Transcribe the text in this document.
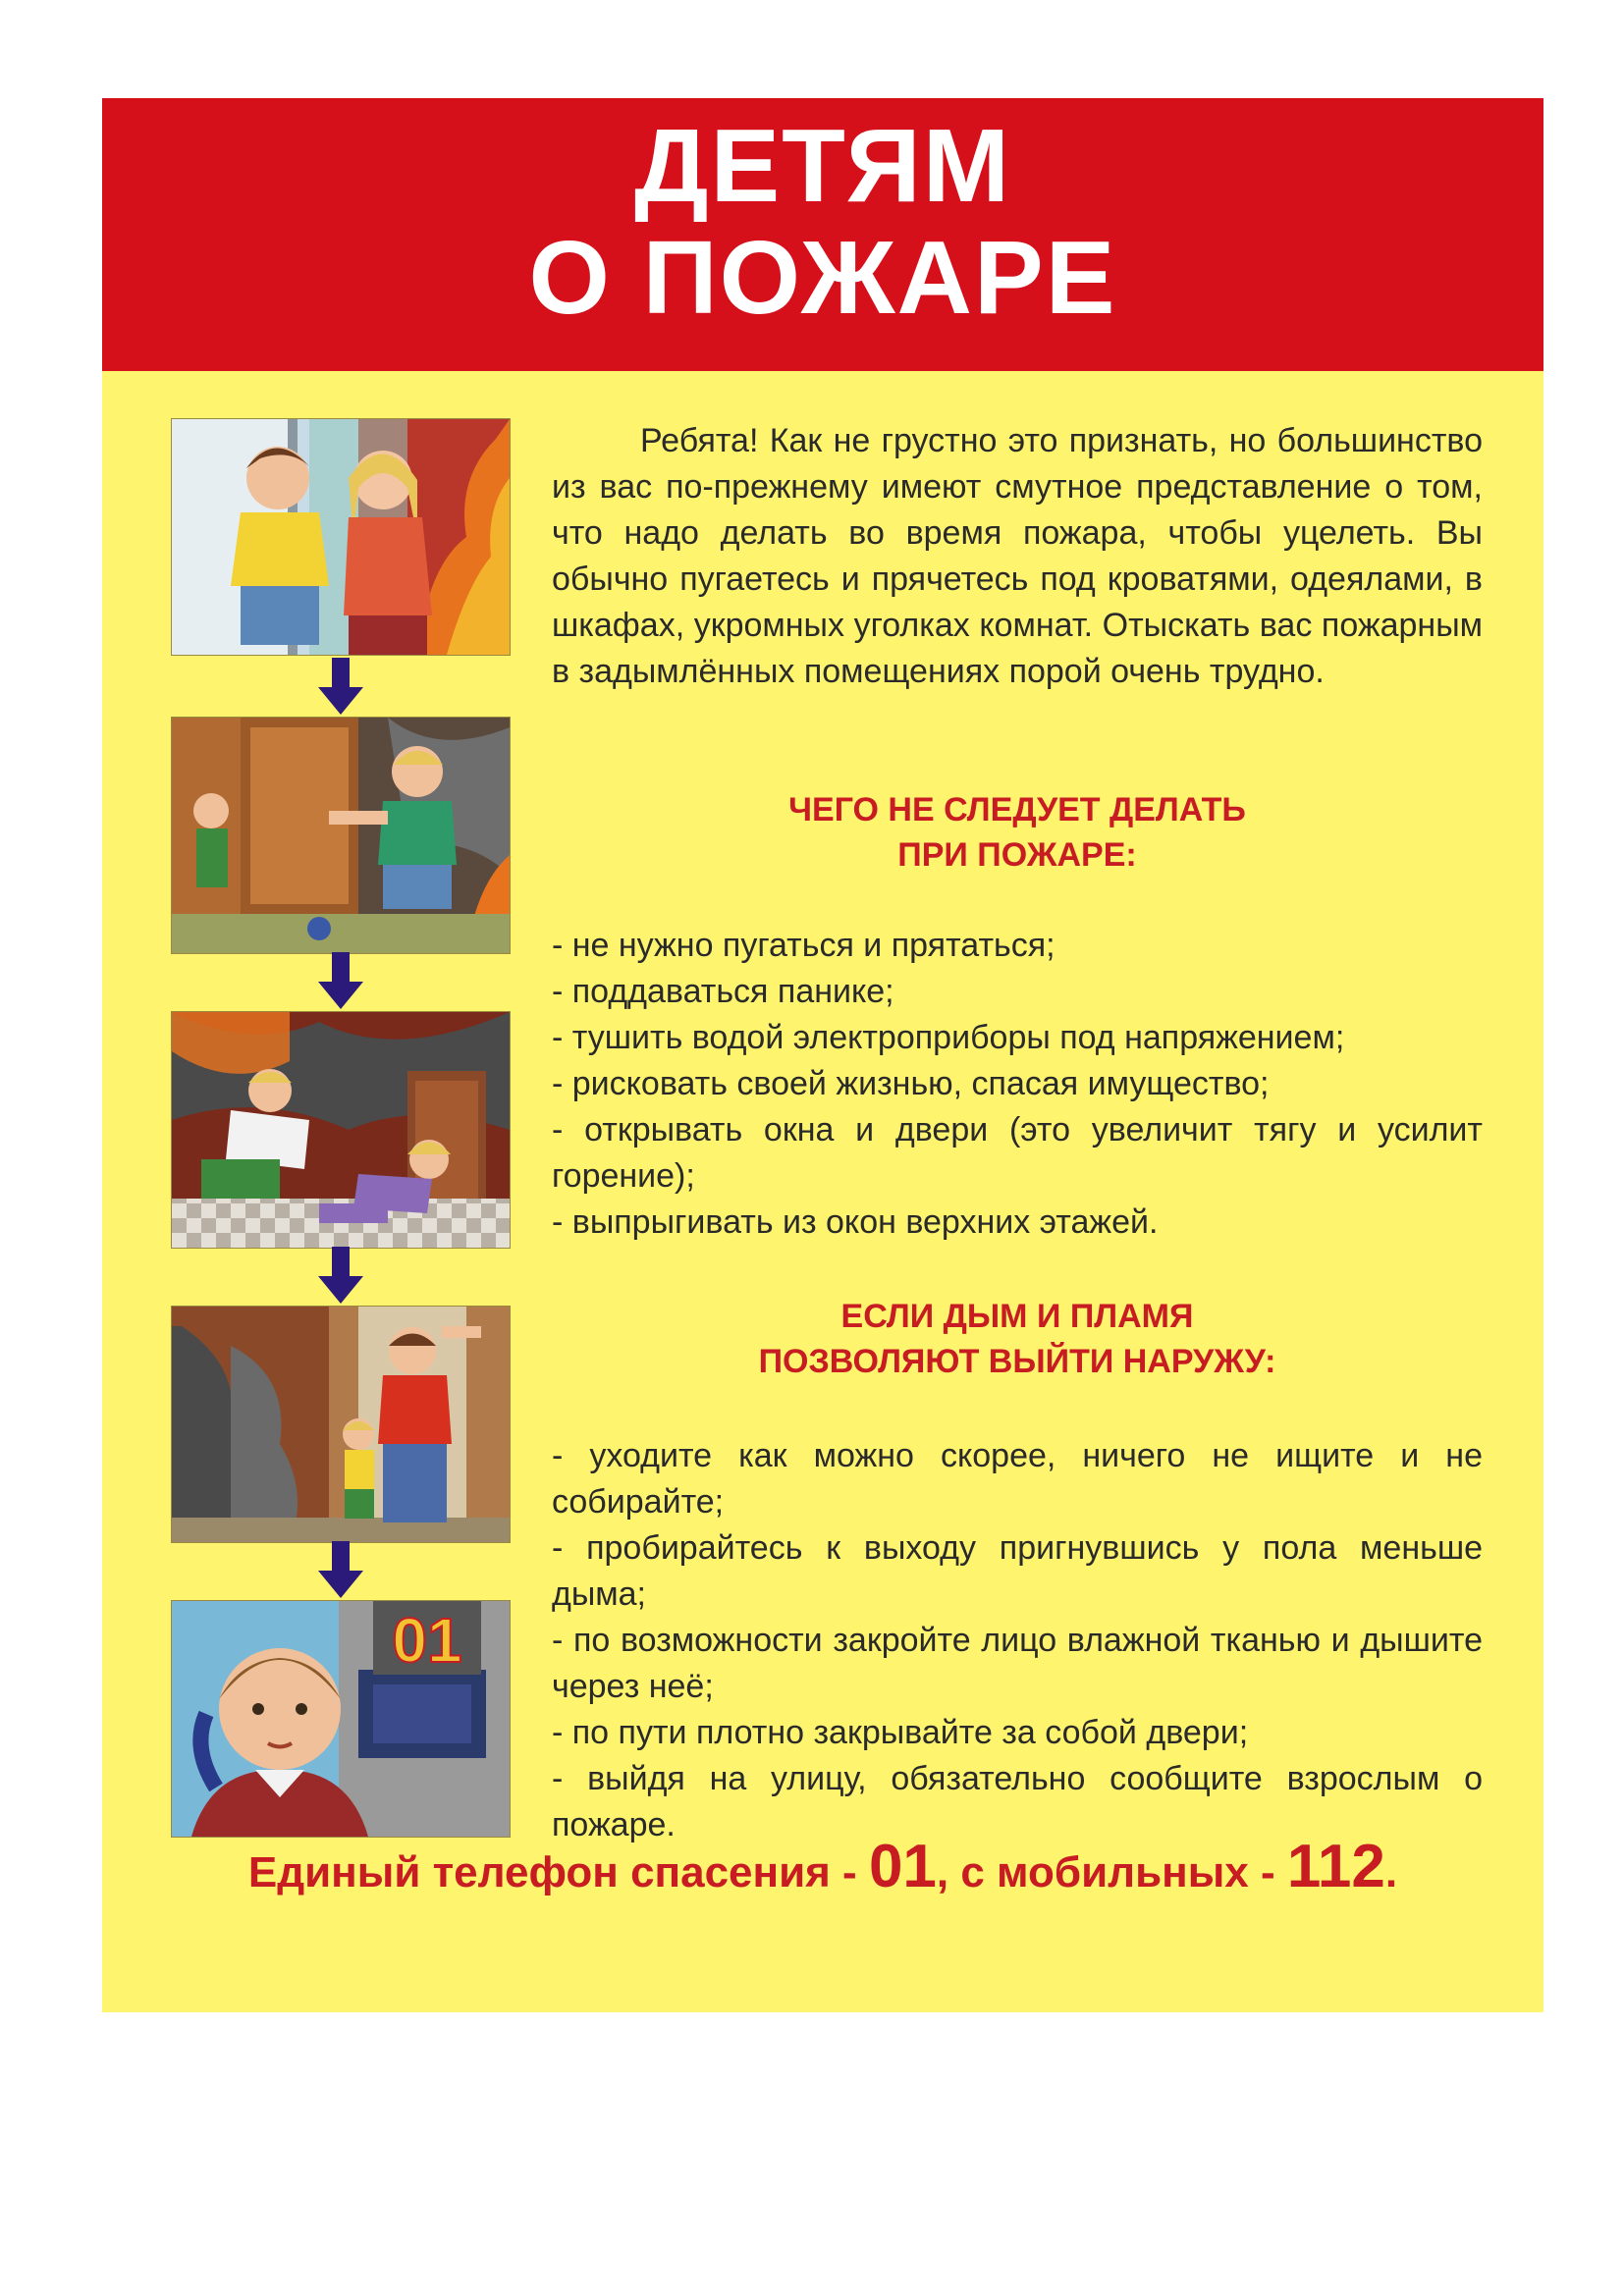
ДЕТЯМ
О ПОЖАРЕ
01
Ребята! Как не грустно это признать, но большинство из вас по-прежнему имеют смутное представление о том, что надо делать во время пожара, чтобы уцелеть. Вы обычно пугаетесь и прячетесь под кроватями, одеялами, в шкафах, укромных уголках комнат. Отыскать вас пожарным в задымлённых помещениях порой очень трудно.
ЧЕГО НЕ СЛЕДУЕТ ДЕЛАТЬ
ПРИ ПОЖАРЕ:
- не нужно пугаться и прятаться;
- поддаваться панике;
- тушить водой электроприборы под напряжением;
- рисковать своей жизнью, спасая имущество;
- открывать окна и двери (это увеличит тягу и усилит горение);
- выпрыгивать из окон верхних этажей.
ЕСЛИ ДЫМ И ПЛАМЯ
ПОЗВОЛЯЮТ ВЫЙТИ НАРУЖУ:
- уходите как можно скорее, ничего не ищите и не собирайте;
- пробирайтесь к выходу пригнувшись у пола меньше дыма;
- по возможности закройте лицо влажной тканью и дышите через неё;
- по пути плотно закрывайте за собой двери;
- выйдя на улицу, обязательно сообщите взрослым о пожаре.
Единый телефон спасения - 01, с мобильных - 112.
